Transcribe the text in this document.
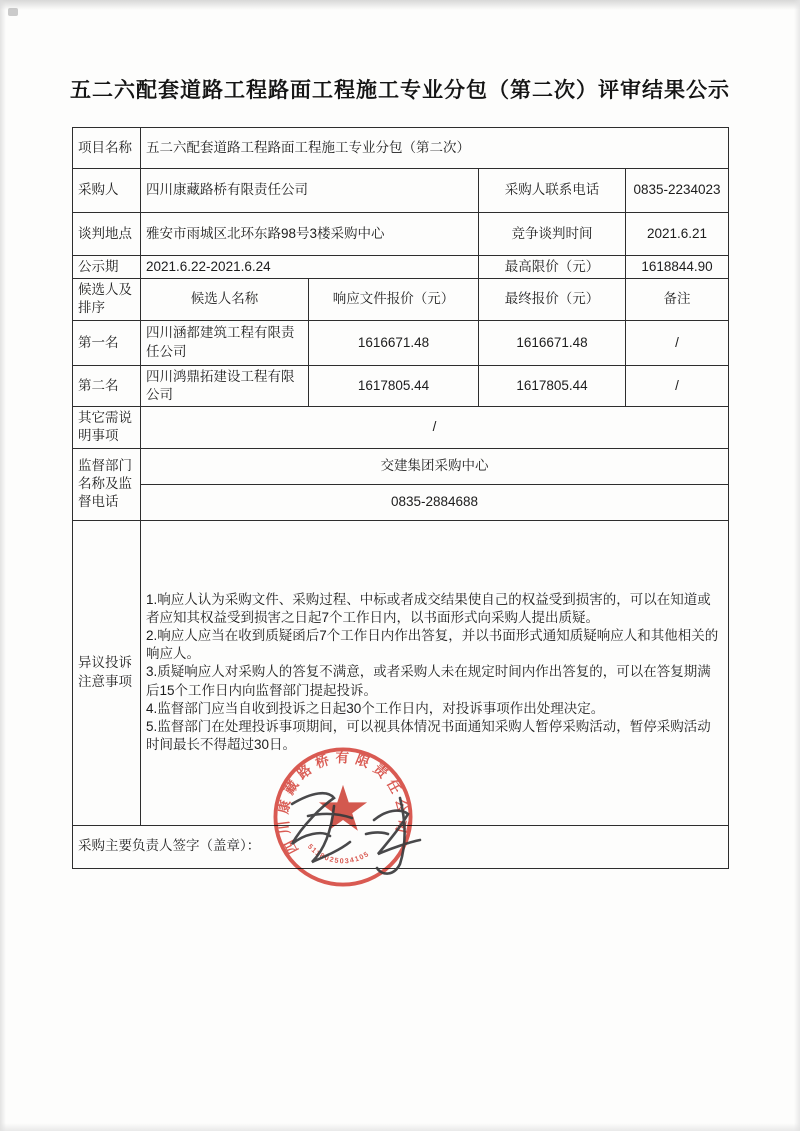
五二六配套道路工程路面工程施工专业分包（第二次）评审结果公示
项目名称	五二六配套道路工程路面工程施工专业分包（第二次）			
采购人	四川康藏路桥有限责任公司		采购人联系电话	0835-2234023
谈判地点	雅安市雨城区北环东路98号3楼采购中心		竞争谈判时间	2021.6.21
公示期	2021.6.22-2021.6.24		最高限价（元）	1618844.90
候选人及排序	候选人名称	响应文件报价（元）	最终报价（元）	备注
第一名	四川涵都建筑工程有限责任公司	1616671.48	1616671.48	/
第二名	四川鸿鼎拓建设工程有限公司	1617805.44	1617805.44	/
其它需说明事项	/			
监督部门名称及监督电话	交建集团采购中心			
	0835-2884688			
异议投诉注意事项	1.响应人认为采购文件、采购过程、中标或者成交结果使自己的权益受到损害的，可以在知道或者应知其权益受到损害之日起7个工作日内，以书面形式向采购人提出质疑。

2.响应人应当在收到质疑函后7个工作日内作出答复，并以书面形式通知质疑响应人和其他相关的响应人。

3.质疑响应人对采购人的答复不满意，或者采购人未在规定时间内作出答复的，可以在答复期满后15个工作日内向监督部门提起投诉。

4.监督部门应当自收到投诉之日起30个工作日内，对投诉事项作出处理决定。

5.监督部门在处理投诉事项期间，可以视具体情况书面通知采购人暂停采购活动，暂停采购活动时间最长不得超过30日。			

采购主要负责人签字（盖章）：				四川康藏路桥有限责任公司
5118025034105
